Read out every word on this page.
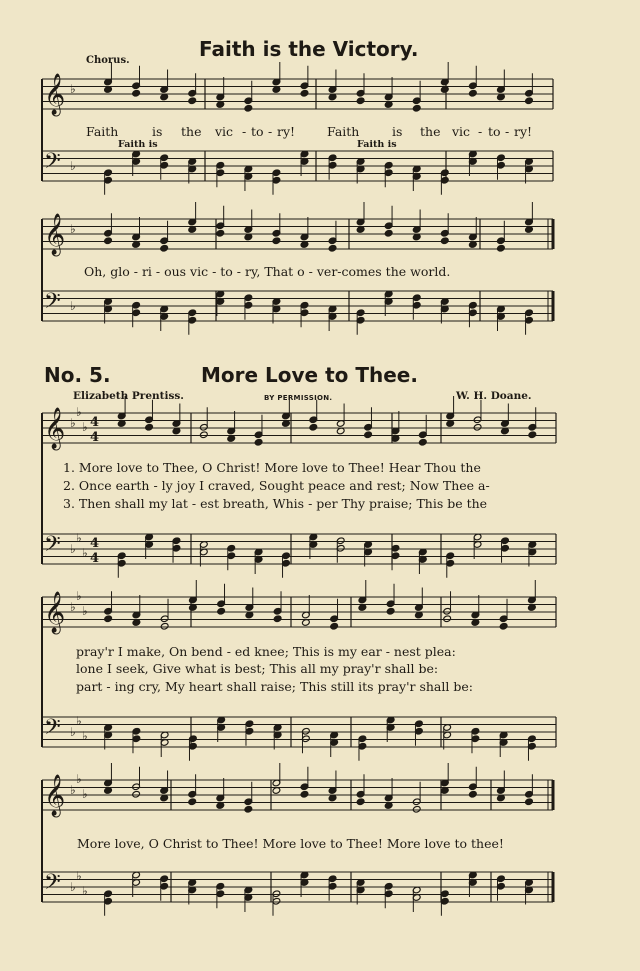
𝄞 ♭
𝄢 ♭
𝄞 ♭
𝄢 ♭
𝄞 ♭
♭
♭
𝄢 ♭
♭
♭
4
4
4
4
𝄞 ♭
♭
♭
𝄢 ♭
♭
♭
𝄞 ♭
♭
♭
𝄢 ♭
♭
♭
Faith is the Victory.
Chorus.
Faith	is the vic - to - ry!	Faith	is the vic - to - ry!
Faith is	Faith is
Oh, glo - ri - ous vic - to - ry, That o - ver-comes the world.
No. 5.	More Love to Thee.
Elizabeth Prentiss.	BY PERMISSION.	W. H. Doane.
1. More love to Thee, O Christ! More love to Thee! Hear Thou the
2. Once earth - ly joy I craved, Sought peace and rest; Now Thee a-
3. Then shall my lat - est breath, Whis - per Thy praise; This be the
pray'r I make, On bend - ed knee; This is my ear - nest plea:
lone I seek, Give what is best; This all my pray'r shall be:
part - ing cry, My heart shall raise; This still its pray'r shall be:
More love, O Christ to Thee! More love to Thee! More love to thee!
